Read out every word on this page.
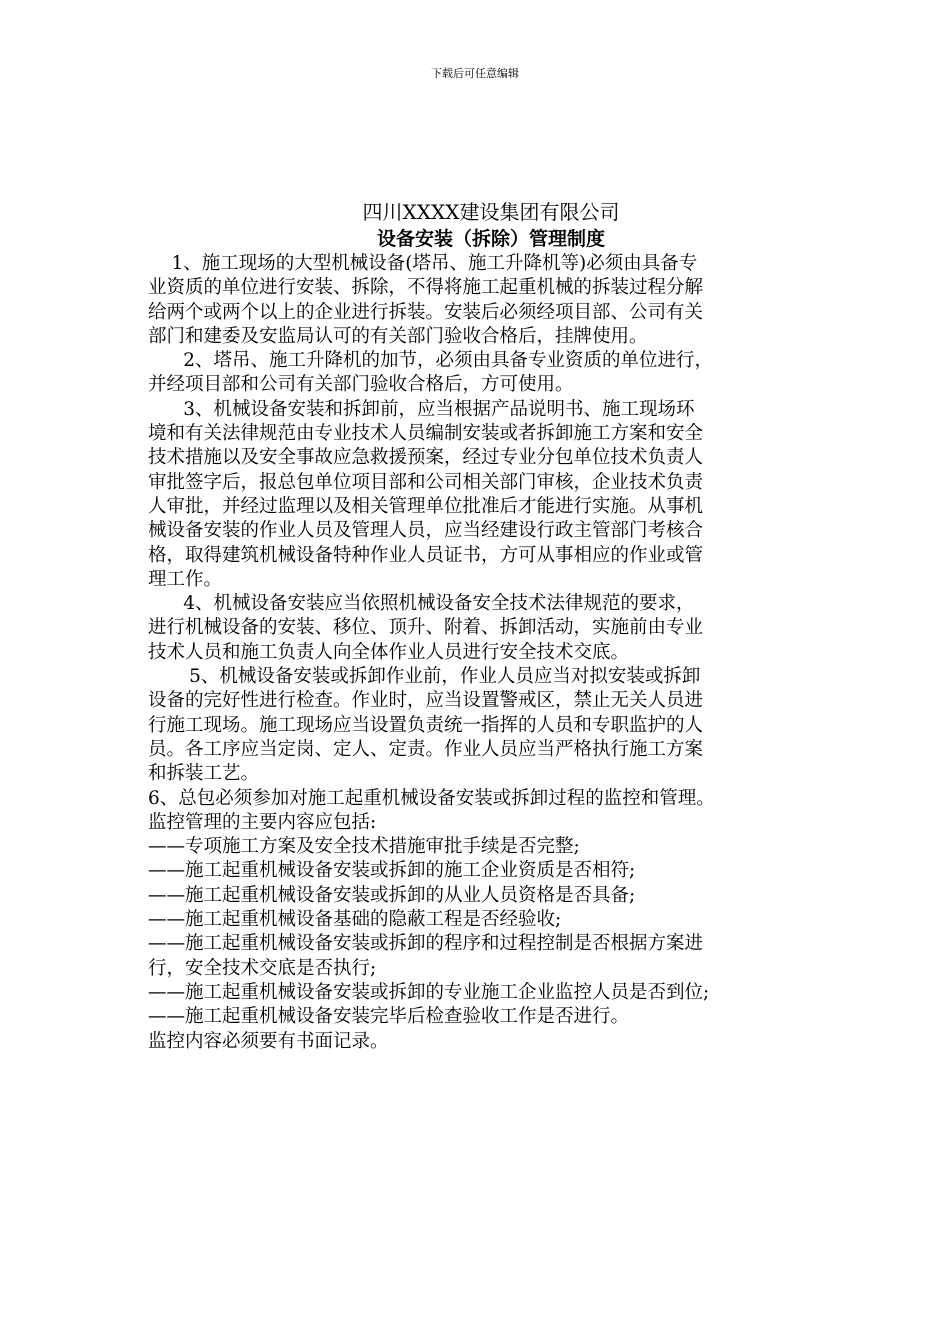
下载后可任意编辑
四川XXXX建设集团有限公司
设备安装（拆除）管理制度
1、施工现场的大型机械设备(塔吊、施工升降机等)必须由具备专
业资质的单位进行安装、拆除，不得将施工起重机械的拆装过程分解
给两个或两个以上的企业进行拆装。安装后必须经项目部、公司有关
部门和建委及安监局认可的有关部门验收合格后，挂牌使用。
2、塔吊、施工升降机的加节，必须由具备专业资质的单位进行，
并经项目部和公司有关部门验收合格后，方可使用。
3、机械设备安装和拆卸前，应当根据产品说明书、施工现场环
境和有关法律规范由专业技术人员编制安装或者拆卸施工方案和安全
技术措施以及安全事故应急救援预案，经过专业分包单位技术负责人
审批签字后，报总包单位项目部和公司相关部门审核，企业技术负责
人审批，并经过监理以及相关管理单位批准后才能进行实施。从事机
械设备安装的作业人员及管理人员，应当经建设行政主管部门考核合
格，取得建筑机械设备特种作业人员证书，方可从事相应的作业或管
理工作。
4、机械设备安装应当依照机械设备安全技术法律规范的要求，
进行机械设备的安装、移位、顶升、附着、拆卸活动，实施前由专业
技术人员和施工负责人向全体作业人员进行安全技术交底。
5、机械设备安装或拆卸作业前，作业人员应当对拟安装或拆卸
设备的完好性进行检查。作业时，应当设置警戒区，禁止无关人员进
行施工现场。施工现场应当设置负责统一指挥的人员和专职监护的人
员。各工序应当定岗、定人、定责。作业人员应当严格执行施工方案
和拆装工艺。
6、总包必须参加对施工起重机械设备安装或拆卸过程的监控和管理。
监控管理的主要内容应包括:
——专项施工方案及安全技术措施审批手续是否完整;
——施工起重机械设备安装或拆卸的施工企业资质是否相符;
——施工起重机械设备安装或拆卸的从业人员资格是否具备;
——施工起重机械设备基础的隐蔽工程是否经验收;
——施工起重机械设备安装或拆卸的程序和过程控制是否根据方案进
行，安全技术交底是否执行;
——施工起重机械设备安装或拆卸的专业施工企业监控人员是否到位;
——施工起重机械设备安装完毕后检查验收工作是否进行。
监控内容必须要有书面记录。
